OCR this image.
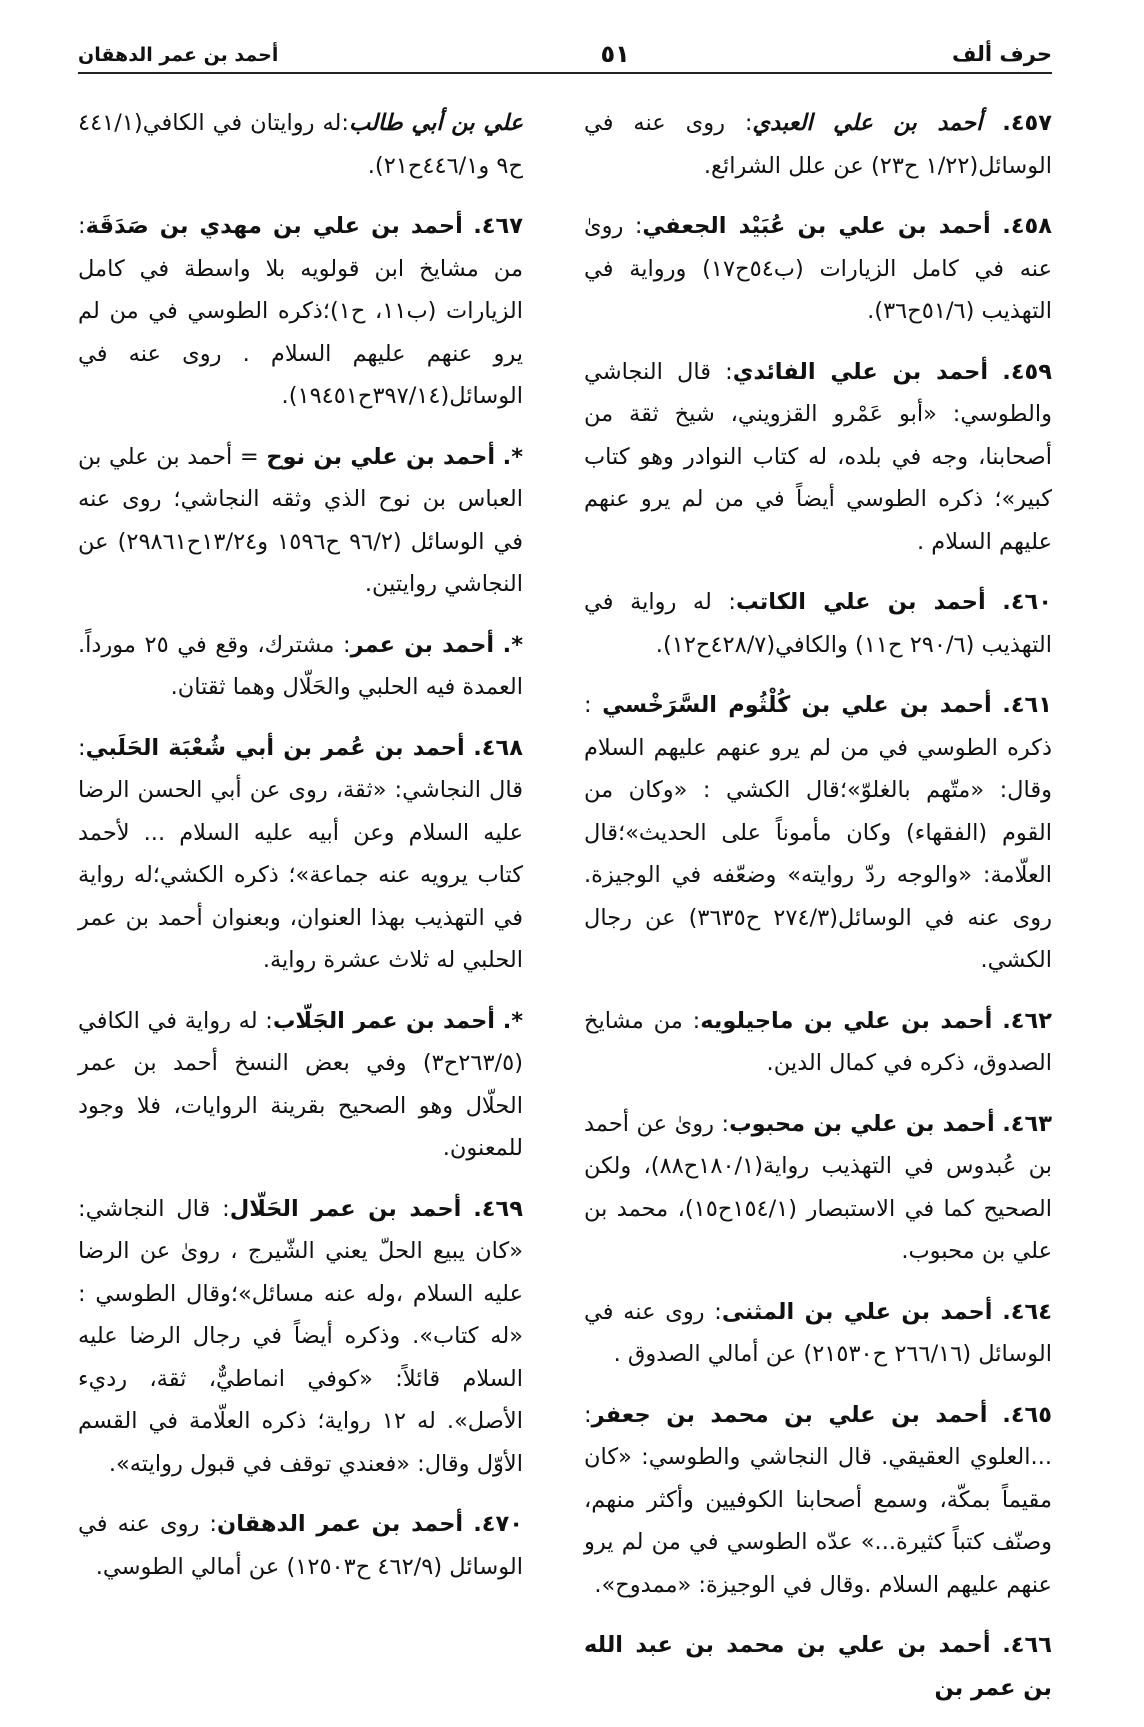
حرف ألف
٥١
أحمد بن عمر الدهقان
٤٥٧. أحمد بن علي العبدي: روى عنه في الوسائل(١/٢٢ ح٢٣) عن علل الشرائع.
٤٥٨. أحمد بن علي بن عُبَيْد الجعفي: روىٰ عنه في كامل الزيارات (ب٥٤ح١٧) ورواية في التهذيب (٥١/٦ح٣٦).
٤٥٩. أحمد بن علي الفائدي: قال النجاشي والطوسي: «أبو عَمْرو القزويني، شيخ ثقة من أصحابنا، وجه في بلده، له كتاب النوادر وهو كتاب كبير»؛ ذكره الطوسي أيضاً في من لم يرو عنهم عليهم السلام .
٤٦٠. أحمد بن علي الكاتب: له رواية في التهذيب (٢٩٠/٦ ح١١) والكافي(٤٢٨/٧ح١٢).
٤٦١. أحمد بن علي بن كُلْثُوم السَّرَخْسي : ذكره الطوسي في من لم يرو عنهم عليهم السلام وقال: «متّهم بالغلوّ»؛قال الكشي : «وكان من القوم (الفقهاء) وكان مأموناً على الحديث»؛قال العلّامة: «والوجه ردّ روايته» وضعّفه في الوجيزة. روى عنه في الوسائل(٢٧٤/٣ ح٣٦٣٥) عن رجال الكشي.
٤٦٢. أحمد بن علي بن ماجيلويه: من مشايخ الصدوق، ذكره في كمال الدين.
٤٦٣. أحمد بن علي بن محبوب: روىٰ عن أحمد بن عُبدوس في التهذيب رواية(١٨٠/١ح٨٨)، ولكن الصحيح كما في الاستبصار (١٥٤/١ح١٥)، محمد بن علي بن محبوب.
٤٦٤. أحمد بن علي بن المثنى: روى عنه في الوسائل (٢٦٦/١٦ ح٢١٥٣٠) عن أمالي الصدوق .
٤٦٥. أحمد بن علي بن محمد بن جعفر: ...العلوي العقيقي. قال النجاشي والطوسي: «كان مقيماً بمكّة، وسمع أصحابنا الكوفيين وأكثر منهم، وصنّف كتباً كثيرة...» عدّه الطوسي في من لم يرو عنهم عليهم السلام .وقال في الوجيزة: «ممدوح».
٤٦٦. أحمد بن علي بن محمد بن عبد الله بن عمر بن
علي بن أبي طالب:له روايتان في الكافي(٤٤١/١ ح٩ و٤٤٦/١ح٢١).
٤٦٧. أحمد بن علي بن مهدي بن صَدَقَة: من مشايخ ابن قولويه بلا واسطة في كامل الزيارات (ب١١، ح١)؛ذكره الطوسي في من لم يرو عنهم عليهم السلام . روى عنه في الوسائل(٣٩٧/١٤ح١٩٤٥١).
*. أحمد بن علي بن نوح = أحمد بن علي بن العباس بن نوح الذي وثقه النجاشي؛ روى عنه في الوسائل (٩٦/٢ ح١٥٩٦ و١٣/٢٤ح٢٩٨٦١) عن النجاشي روايتين.
*. أحمد بن عمر: مشترك، وقع في ٢٥ مورداً. العمدة فيه الحلبي والحَلّال وهما ثقتان.
٤٦٨. أحمد بن عُمر بن أبي شُعْبَة الحَلَبي: قال النجاشي: «ثقة، روى عن أبي الحسن الرضا عليه السلام وعن أبيه عليه السلام ... لأحمد كتاب يرويه عنه جماعة»؛ ذكره الكشي؛له رواية في التهذيب بهذا العنوان، وبعنوان أحمد بن عمر الحلبي له ثلاث عشرة رواية.
*. أحمد بن عمر الجَلّاب: له رواية في الكافي (٢٦٣/٥ح٣) وفي بعض النسخ أحمد بن عمر الحلّال وهو الصحيح بقرينة الروايات، فلا وجود للمعنون.
٤٦٩. أحمد بن عمر الحَلّال: قال النجاشي: «كان يبيع الحلّ يعني الشّيرج ، روىٰ عن الرضا عليه السلام ،وله عنه مسائل»؛وقال الطوسي : «له كتاب». وذكره أيضاً في رجال الرضا عليه السلام قائلاً: «كوفي انماطيٌّ، ثقة، رديء الأصل». له ١٢ رواية؛ ذكره العلّامة في القسم الأوّل وقال: «فعندي توقف في قبول روايته».
٤٧٠. أحمد بن عمر الدهقان: روى عنه في الوسائل (٤٦٢/٩ ح١٢٥٠٣) عن أمالي الطوسي.
